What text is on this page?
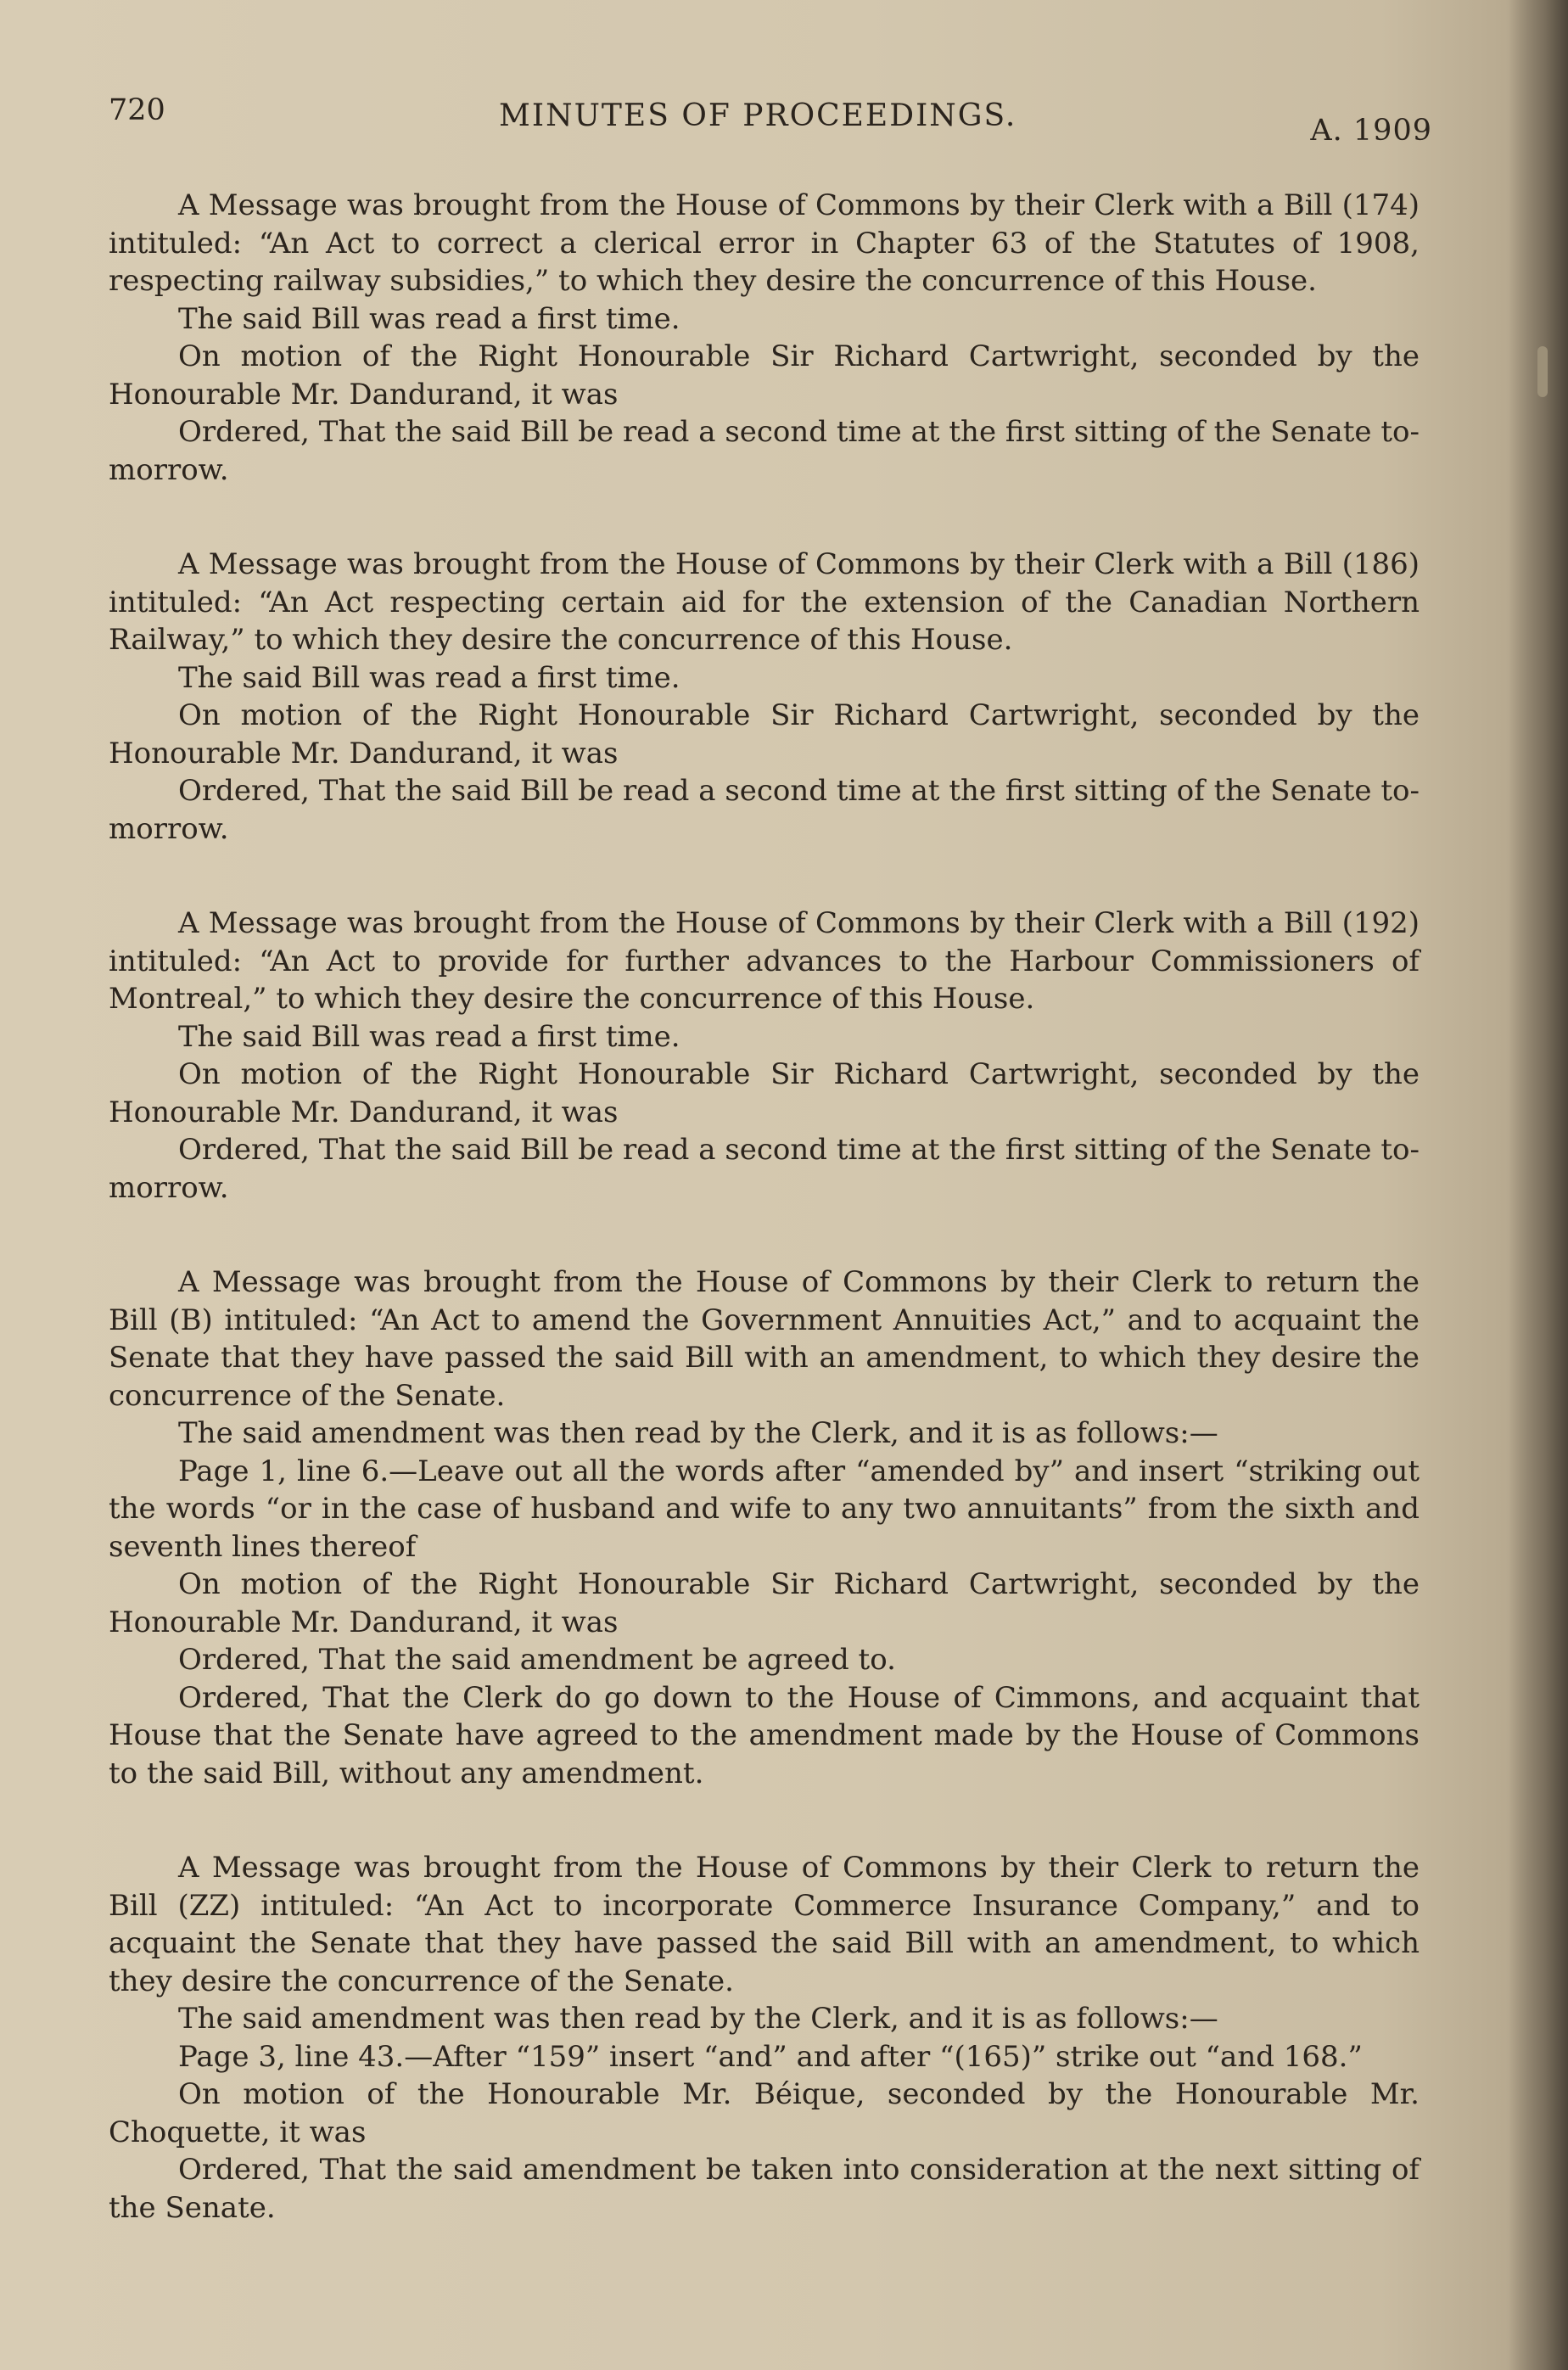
720	MINUTES OF PROCEEDINGS.	A. 1909

A Message was brought from the House of Commons by their Clerk with a Bill (174) intituled: “An Act to correct a clerical error in Chapter 63 of the Statutes of 1908, respecting railway subsidies,” to which they desire the concurrence of this House.

The said Bill was read a first time.

On motion of the Right Honourable Sir Richard Cartwright, seconded by the Honourable Mr. Dandurand, it was

Ordered, That the said Bill be read a second time at the first sitting of the Senate to-morrow.

A Message was brought from the House of Commons by their Clerk with a Bill (186) intituled: “An Act respecting certain aid for the extension of the Canadian Northern Railway,” to which they desire the concurrence of this House.

The said Bill was read a first time.

On motion of the Right Honourable Sir Richard Cartwright, seconded by the Honourable Mr. Dandurand, it was

Ordered, That the said Bill be read a second time at the first sitting of the Senate to-morrow.

A Message was brought from the House of Commons by their Clerk with a Bill (192) intituled: “An Act to provide for further advances to the Harbour Commissioners of Montreal,” to which they desire the concurrence of this House.

The said Bill was read a first time.

On motion of the Right Honourable Sir Richard Cartwright, seconded by the Honourable Mr. Dandurand, it was

Ordered, That the said Bill be read a second time at the first sitting of the Senate to-morrow.

A Message was brought from the House of Commons by their Clerk to return the Bill (B) intituled: “An Act to amend the Government Annuities Act,” and to acquaint the Senate that they have passed the said Bill with an amendment, to which they desire the concurrence of the Senate.

The said amendment was then read by the Clerk, and it is as follows:—

Page 1, line 6.—Leave out all the words after “amended by” and insert “striking out the words “or in the case of husband and wife to any two annuitants” from the sixth and seventh lines thereof

On motion of the Right Honourable Sir Richard Cartwright, seconded by the Honourable Mr. Dandurand, it was

Ordered, That the said amendment be agreed to.

Ordered, That the Clerk do go down to the House of Cimmons, and acquaint that House that the Senate have agreed to the amendment made by the House of Commons to the said Bill, without any amendment.

A Message was brought from the House of Commons by their Clerk to return the Bill (ZZ) intituled: “An Act to incorporate Commerce Insurance Company,” and to acquaint the Senate that they have passed the said Bill with an amendment, to which they desire the concurrence of the Senate.

The said amendment was then read by the Clerk, and it is as follows:—

Page 3, line 43.—After “159” insert “and” and after “(165)” strike out “and 168.”

On motion of the Honourable Mr. Béique, seconded by the Honourable Mr. Choquette, it was

Ordered, That the said amendment be taken into consideration at the next sitting of the Senate.
